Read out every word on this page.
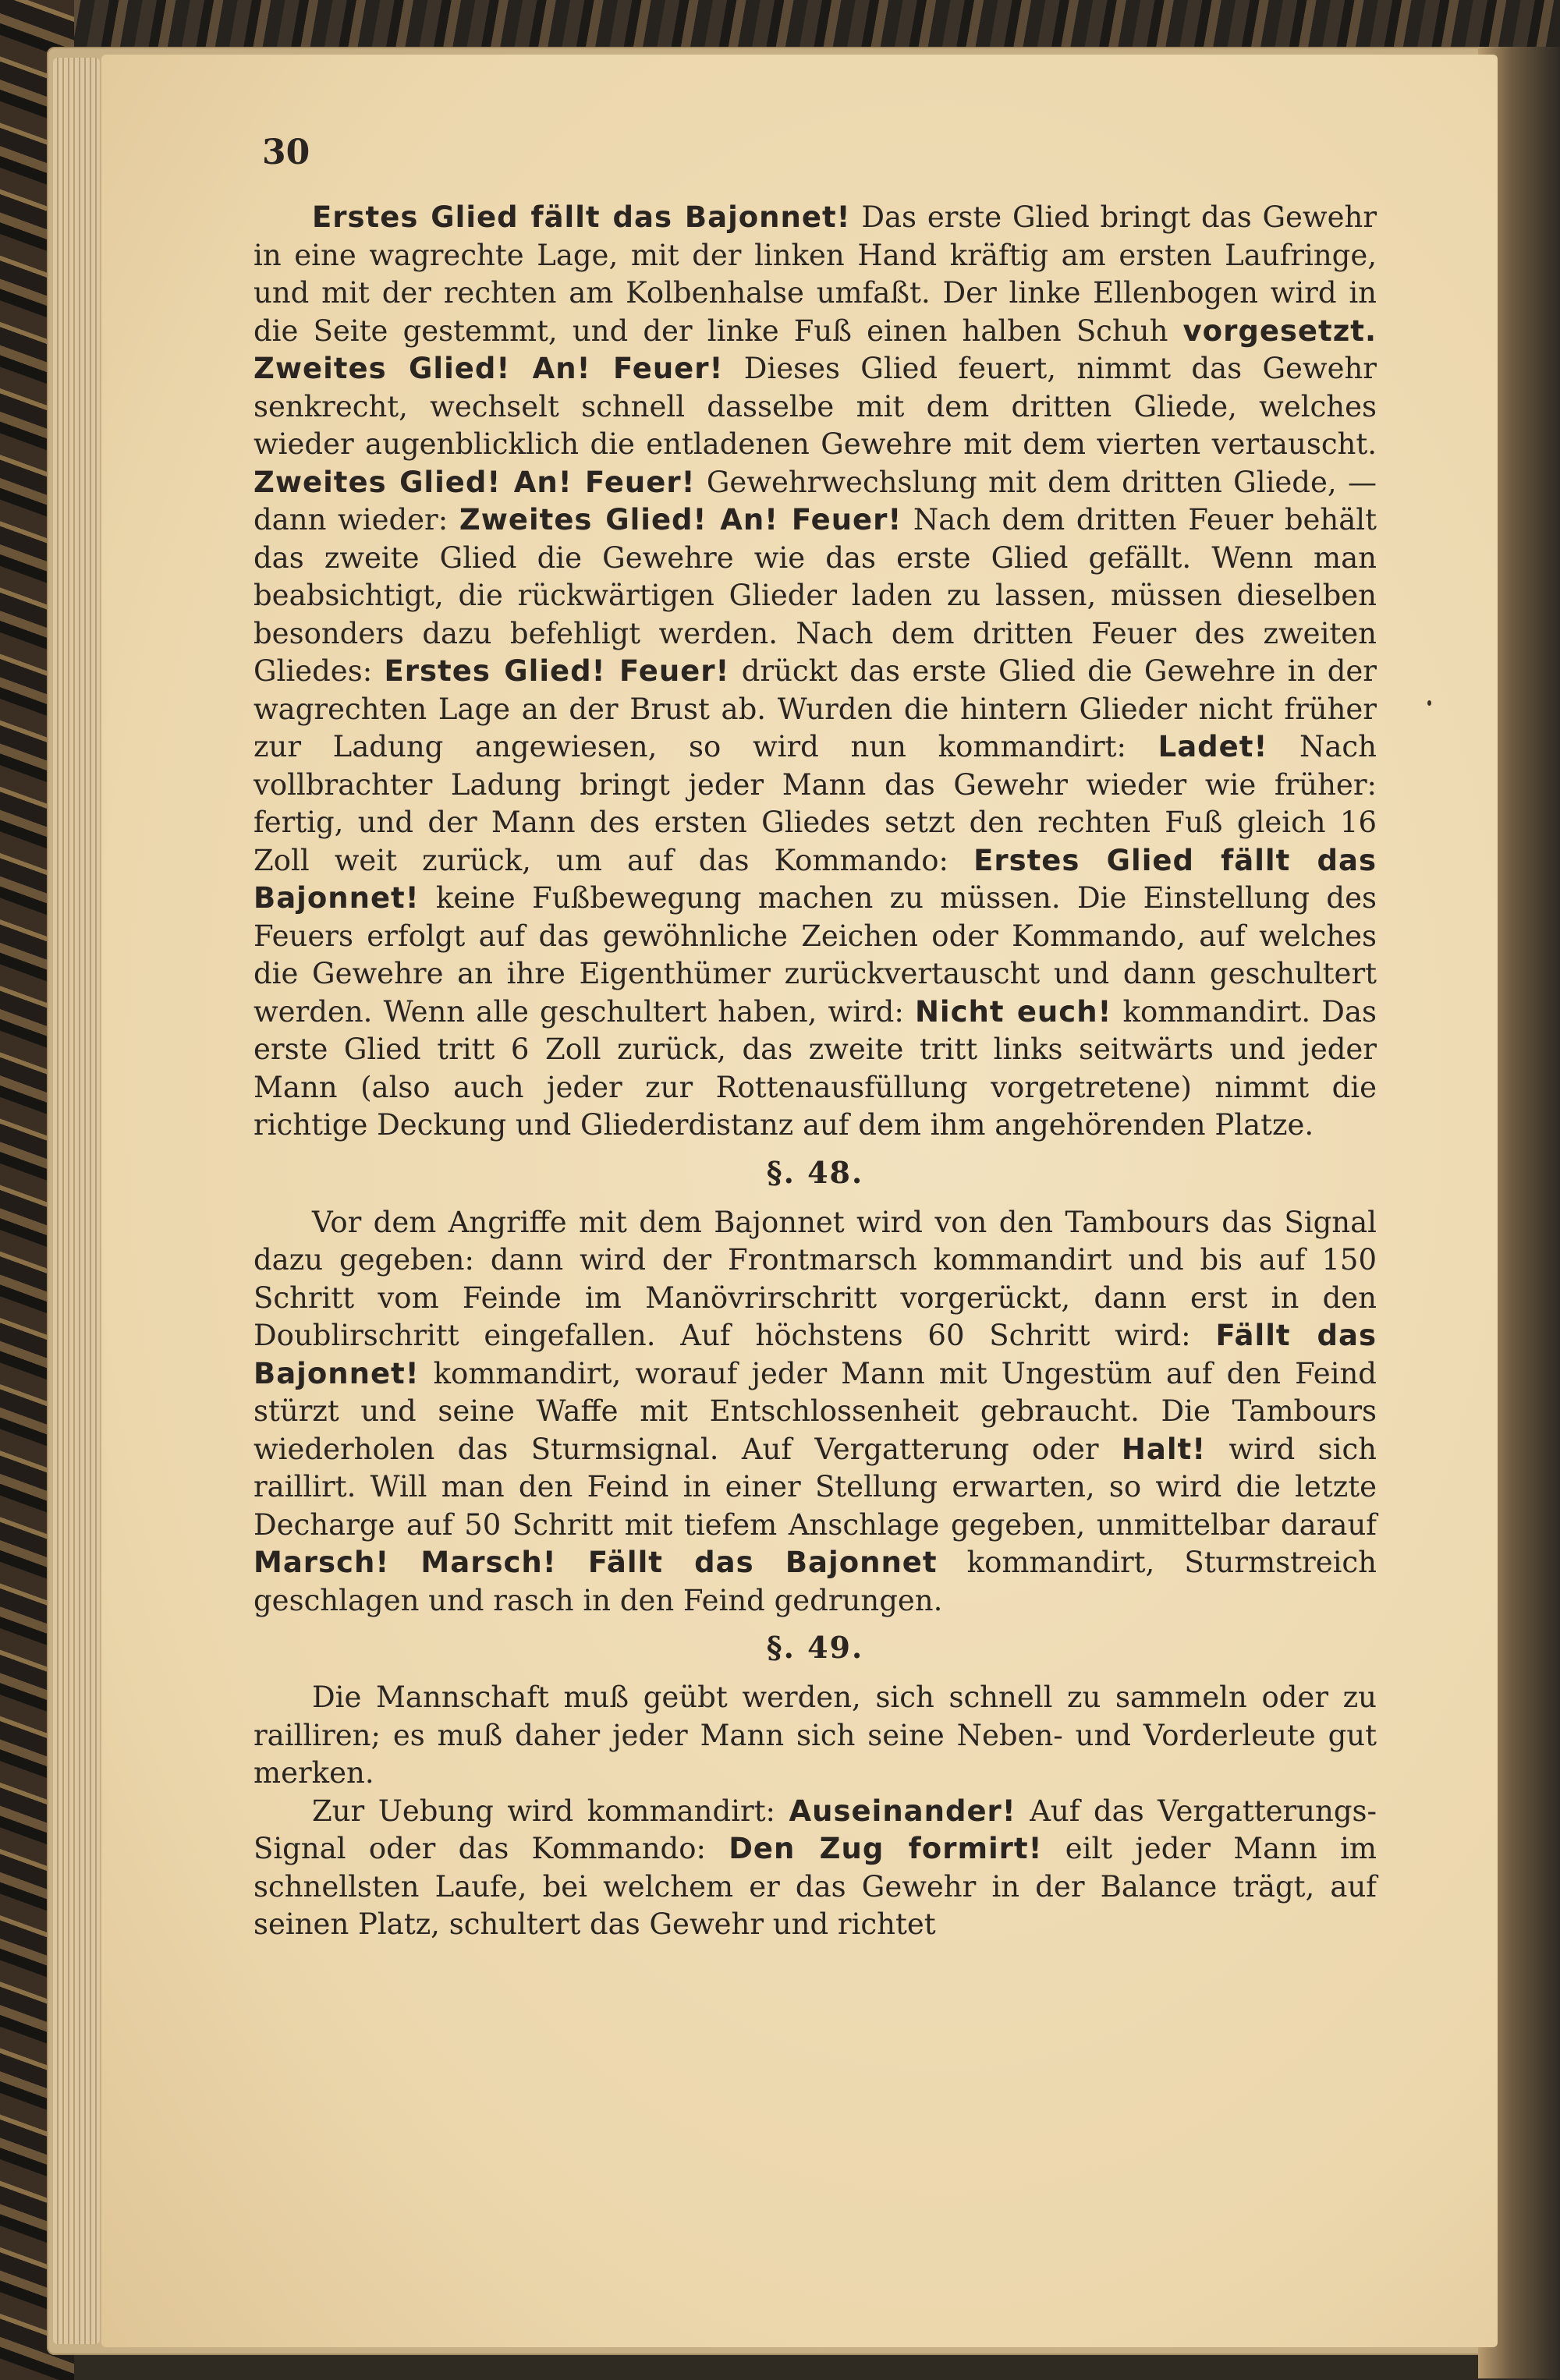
30

Erstes Glied fällt das Bajonnet! Das erste Glied bringt das Gewehr in eine wagrechte Lage, mit der linken Hand kräftig am ersten Laufringe, und mit der rechten am Kolbenhalse umfaßt. Der linke Ellenbogen wird in die Seite gestemmt, und der linke Fuß einen halben Schuh vorgesetzt. Zweites Glied! An! Feuer! Dieses Glied feuert, nimmt das Gewehr senkrecht, wechselt schnell dasselbe mit dem dritten Gliede, welches wieder augenblicklich die entladenen Gewehre mit dem vierten vertauscht. Zweites Glied! An! Feuer! Gewehrwechslung mit dem dritten Gliede, — dann wieder: Zweites Glied! An! Feuer! Nach dem dritten Feuer behält das zweite Glied die Gewehre wie das erste Glied gefällt. Wenn man beabsichtigt, die rückwärtigen Glieder laden zu lassen, müssen dieselben besonders dazu befehligt werden. Nach dem dritten Feuer des zweiten Gliedes: Erstes Glied! Feuer! drückt das erste Glied die Gewehre in der wagrechten Lage an der Brust ab. Wurden die hintern Glieder nicht früher zur Ladung angewiesen, so wird nun kommandirt: Ladet! Nach vollbrachter Ladung bringt jeder Mann das Gewehr wieder wie früher: fertig, und der Mann des ersten Gliedes setzt den rechten Fuß gleich 16 Zoll weit zurück, um auf das Kommando: Erstes Glied fällt das Bajonnet! keine Fußbewegung machen zu müssen. Die Einstellung des Feuers erfolgt auf das gewöhnliche Zeichen oder Kommando, auf welches die Gewehre an ihre Eigenthümer zurückvertauscht und dann geschultert werden. Wenn alle geschultert haben, wird: Nicht euch! kommandirt. Das erste Glied tritt 6 Zoll zurück, das zweite tritt links seitwärts und jeder Mann (also auch jeder zur Rottenausfüllung vorgetretene) nimmt die richtige Deckung und Gliederdistanz auf dem ihm angehörenden Platze.

§. 48.

Vor dem Angriffe mit dem Bajonnet wird von den Tambours das Signal dazu gegeben: dann wird der Frontmarsch kommandirt und bis auf 150 Schritt vom Feinde im Manövrirschritt vorgerückt, dann erst in den Doublirschritt eingefallen. Auf höchstens 60 Schritt wird: Fällt das Bajonnet! kommandirt, worauf jeder Mann mit Ungestüm auf den Feind stürzt und seine Waffe mit Entschlossenheit gebraucht. Die Tambours wiederholen das Sturmsignal. Auf Vergatterung oder Halt! wird sich raillirt. Will man den Feind in einer Stellung erwarten, so wird die letzte Decharge auf 50 Schritt mit tiefem Anschlage gegeben, unmittelbar darauf Marsch! Marsch! Fällt das Bajonnet kommandirt, Sturmstreich geschlagen und rasch in den Feind gedrungen.

§. 49.

Die Mannschaft muß geübt werden, sich schnell zu sammeln oder zu railliren; es muß daher jeder Mann sich seine Neben- und Vorderleute gut merken.

Zur Uebung wird kommandirt: Auseinander! Auf das Vergatterungs-Signal oder das Kommando: Den Zug formirt! eilt jeder Mann im schnellsten Laufe, bei welchem er das Gewehr in der Balance trägt, auf seinen Platz, schultert das Gewehr und richtet
